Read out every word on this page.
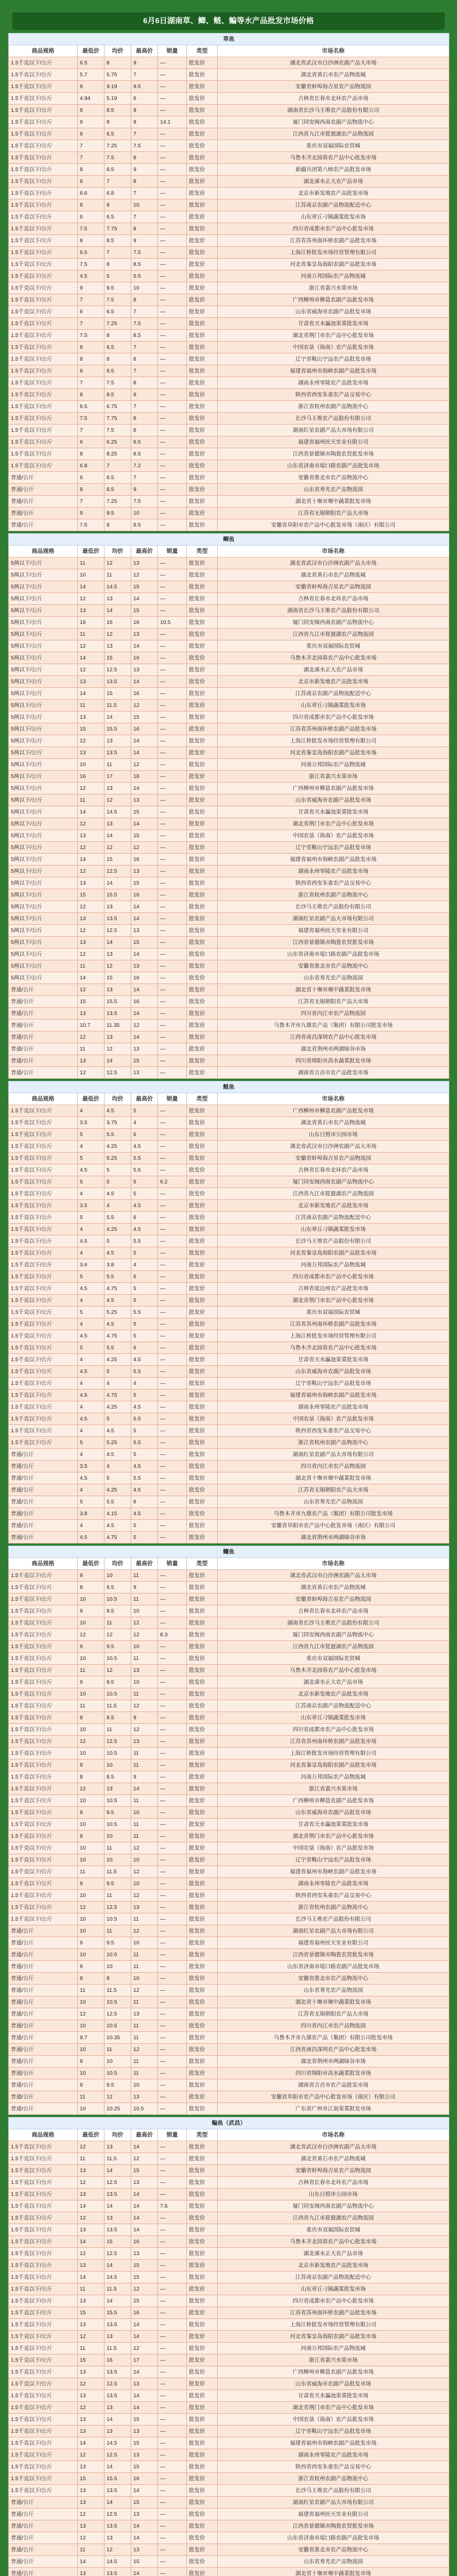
6月6日湖南草、鲫、鲢、鳊等水产品批发市场价格
草鱼						
商品规格	最低价	均价	最高价	销量	类型	市场名称
1.5千克以下/公斤	6.5	8	9	—	批发价	湖北省武汉市白沙洲农副产品大市场
1.5千克以下/公斤	5.7	5.75	7	—	批发价	湖北省黄石市农产品物流城
1.5千克以下/公斤	9	9.19	9.5	—	批发价	安徽省蚌埠海吉星农产品物流园
1.5千克以下/公斤	4.94	5.19	6	—	批发价	吉林省长春市北环农产品市场
1.5千克以下/公斤	8	8.5	9	—	批发价	湖南省长沙马王堆农产品股份有限公司
1.5千克以下/公斤	9	9	9	14.1	批发价	厦门同安闽西南农副产品物流中心
1.5千克以下/公斤	6	6.5	7	—	批发价	江西省九江市琵琶湖农产品物流园
1.5千克以下/公斤	7	7.25	7.5	—	批发价	重庆市双福国际农贸城
1.5千克以下/公斤	7	7.5	8	—	批发价	乌鲁木齐北园春农产品中心批发市场
1.5千克以下/公斤	8	8.5	9	—	批发价	新疆兵团第六师农产品批发市场
1.5千克以下/公斤	6	7	8	—	批发价	湖北浠水正大农产品市场
1.5千克以下/公斤	6.6	6.8	7	—	批发价	北京市新发地农产品批发市场
1.5千克以下/公斤	8	9	10	—	批发价	江苏南京农副产品物流配送中心
1.5千克以下/公斤	6	6.5	7	—	批发价	山东章丘刁镇蔬菜批发市场
1.5千克以下/公斤	7.5	7.75	8	—	批发价	四川省成都市农产品中心批发市场
1.5千克以下/公斤	8	8.5	9	—	批发价	江苏省苏州南环桥农副产品批发市场
1.5千克以下/公斤	6.5	7	7.5	—	批发价	上海江桥批发市场经营管理有限公司
1.5千克以下/公斤	7.5	8	8.5	—	批发价	河北省秦皇岛海阳农副产品批发市场
1.5千克以下/公斤	4.5	5	5.5	—	批发价	河南万邦国际农产品物流城
1.5千克以下/公斤	9	9.5	10	—	批发价	浙江省嘉兴水果市场
1.5千克以下/公斤	7	7.5	8	—	批发价	广西柳州市柳邕农副产品批发市场
1.5千克以下/公斤	6	6.5	7	—	批发价	山东省威海市农副产品批发市场
1.5千克以下/公斤	7	7.25	7.5	—	批发价	甘肃省天水瀛池果菜批发市场
1.5千克以下/公斤	7.5	8	8.5	—	批发价	湖北省荆门市农产品中心批发市场
1.5千克以下/公斤	6	6.5	7	—	批发价	中国农垦（海南）农产品批发市场
1.5千克以下/公斤	8	8	8	—	批发价	辽宁省鞍山宁远农产品批发市场
1.5千克以下/公斤	6	6.5	7	—	批发价	福建省福州市海峡农副产品批发市场
1.5千克以下/公斤	7	7.5	8	—	批发价	湖南永州零陵农产品批发市场
1.5千克以下/公斤	8	8.5	9	—	批发价	陕西省西安朱雀农产品交易中心
1.5千克以下/公斤	6.5	6.75	7	—	批发价	浙江省杭州农副产品物流中心
1.5千克以下/公斤	7.5	7.75	8	—	批发价	长沙马王堆农产品股份有限公司
1.5千克以下/公斤	7	7.5	8	—	批发价	湖南红星农副产品大市场有限公司
1.5千克以下/公斤	6	6.25	6.5	—	批发价	福建省福州民天实业有限公司
1.5千克以下/公斤	8	8.25	8.5	—	批发价	江西省景德镇市陶瓷农贸批发市场
1.5千克以下/公斤	6.8	7	7.2	—	批发价	山东省济南市堤口路农副产品批发市场
普通/公斤	6	6.5	7	—	批发价	安徽省淮北市农产品物流中心
普通/公斤	8	8.5	9	—	批发价	山东省寿光农产品物流园
普通/公斤	7	7.25	7.5	—	批发价	湖北省十堰市堰中蔬菜批发市场
普通/公斤	9	9.5	10	—	批发价	江苏省无锡朝阳农产品大市场
普通/公斤	7.5	8	8.5	—	批发价	安徽省阜阳市农产品中心批发市场（南区）有限公司

鲫鱼						
商品规格	最低价	均价	最高价	销量	类型	市场名称
5两以下/公斤	11	12	13	—	批发价	湖北省武汉市白沙洲农副产品大市场
5两以下/公斤	10	11	12	—	批发价	湖北省黄石市农产品物流城
5两以下/公斤	14	14.5	15	—	批发价	安徽省蚌埠海吉星农产品物流园
5两以下/公斤	12	13	14	—	批发价	吉林省长春市北环农产品市场
5两以下/公斤	13	14	15	—	批发价	湖南省长沙马王堆农产品股份有限公司
5两以下/公斤	16	16	16	10.5	批发价	厦门同安闽西南农副产品物流中心
5两以下/公斤	11	12	13	—	批发价	江西省九江市琵琶湖农产品物流园
5两以下/公斤	12	13	14	—	批发价	重庆市双福国际农贸城
5两以下/公斤	14	15	16	—	批发价	乌鲁木齐北园春农产品中心批发市场
5两以下/公斤	12	12.5	13	—	批发价	湖北浠水正大农产品市场
5两以下/公斤	13	13.5	14	—	批发价	北京市新发地农产品批发市场
5两以下/公斤	14	15	16	—	批发价	江苏南京农副产品物流配送中心
5两以下/公斤	11	11.5	12	—	批发价	山东章丘刁镇蔬菜批发市场
5两以下/公斤	13	14	15	—	批发价	四川省成都市农产品中心批发市场
5两以下/公斤	15	15.5	16	—	批发价	江苏省苏州南环桥农副产品批发市场
5两以下/公斤	12	13	14	—	批发价	上海江桥批发市场经营管理有限公司
5两以下/公斤	13	13.5	14	—	批发价	河北省秦皇岛海阳农副产品批发市场
5两以下/公斤	10	11	12	—	批发价	河南万邦国际农产品物流城
5两以下/公斤	16	17	18	—	批发价	浙江省嘉兴水果市场
5两以下/公斤	12	13	14	—	批发价	广西柳州市柳邕农副产品批发市场
5两以下/公斤	11	12	13	—	批发价	山东省威海市农副产品批发市场
5两以下/公斤	14	14.5	15	—	批发价	甘肃省天水瀛池果菜批发市场
5两以下/公斤	12	13	14	—	批发价	湖北省荆门市农产品中心批发市场
5两以下/公斤	13	14	15	—	批发价	中国农垦（海南）农产品批发市场
5两以下/公斤	12	12	12	—	批发价	辽宁省鞍山宁远农产品批发市场
5两以下/公斤	14	15	16	—	批发价	福建省福州市海峡农副产品批发市场
5两以下/公斤	12	12.5	13	—	批发价	湖南永州零陵农产品批发市场
5两以下/公斤	13	14	15	—	批发价	陕西省西安朱雀农产品交易中心
5两以下/公斤	15	15.5	16	—	批发价	浙江省杭州农副产品物流中心
5两以下/公斤	12	13	14	—	批发价	长沙马王堆农产品股份有限公司
5两以下/公斤	13	13.5	14	—	批发价	湖南红星农副产品大市场有限公司
5两以下/公斤	12	12.5	13	—	批发价	福建省福州民天实业有限公司
5两以下/公斤	13	14	15	—	批发价	江西省景德镇市陶瓷农贸批发市场
5两以下/公斤	12	13	14	—	批发价	山东省济南市堤口路农副产品批发市场
5两以下/公斤	11	12	13	—	批发价	安徽省淮北市农产品物流中心
5两以下/公斤	14	15	16	—	批发价	山东省寿光农产品物流园
普通/公斤	12	13	14	—	批发价	湖北省十堰市堰中蔬菜批发市场
普通/公斤	15	15.5	16	—	批发价	江苏省无锡朝阳农产品大市场
普通/公斤	13	13.5	14	—	批发价	四川省内江市农产品物流园
普通/公斤	10.7	11.35	12	—	批发价	乌鲁木齐市九鼎农产品（集团）有限公司批发市场
普通/公斤	12	13	14	—	批发价	江西省南昌深圳农产品中心批发市场
普通/公斤	11	12	13	—	批发价	湖北省荆州市两湖绿谷市场
普通/公斤	13	14	15	—	批发价	四川省绵阳市高水蔬菜批发市场
普通/公斤	12	12.5	13	—	批发价	湖南省吉首市农产品批发市场

鲢鱼						
商品规格	最低价	均价	最高价	销量	类型	市场名称
1.5千克以下/公斤	4	4.5	5	—	批发价	广西柳州市柳邕农副产品批发市场
1.5千克以下/公斤	3.5	3.75	4	—	批发价	湖北省黄石市农产品物流城
1.5千克以下/公斤	5	5.5	6	—	批发价	山东日照市公园市场
1.5千克以下/公斤	4	4.25	4.5	—	批发价	湖北省武汉市白沙洲农副产品大市场
1.5千克以下/公斤	5	5.25	5.5	—	批发价	安徽省蚌埠海吉星农产品物流园
1.5千克以下/公斤	4.5	5	5.5	—	批发价	吉林省长春市北环农产品市场
1.5千克以下/公斤	5	5	5	6.2	批发价	厦门同安闽西南农副产品物流中心
1.5千克以下/公斤	4	4.5	5	—	批发价	江西省九江市琵琶湖农产品物流园
1.5千克以下/公斤	3.5	4	4.5	—	批发价	北京市新发地农产品批发市场
1.5千克以下/公斤	5	5.5	6	—	批发价	江苏南京农副产品物流配送中心
1.5千克以下/公斤	4	4.25	4.5	—	批发价	山东章丘刁镇蔬菜批发市场
1.5千克以下/公斤	4.5	5	5.5	—	批发价	长沙马王堆农产品股份有限公司
1.5千克以下/公斤	4	4.5	5	—	批发价	河北省秦皇岛海阳农副产品批发市场
1.5千克以下/公斤	3.6	3.8	4	—	批发价	河南万邦国际农产品物流城
1.5千克以下/公斤	5	5.5	6	—	批发价	四川省成都市农产品中心批发市场
1.5千克以下/公斤	4.5	4.75	5	—	批发价	吉林省延边州农产品批发市场
1.5千克以下/公斤	4	4.5	5	—	批发价	湖北省荆门市农产品中心批发市场
1.5千克以下/公斤	5	5.25	5.5	—	批发价	重庆市双福国际农贸城
1.5千克以下/公斤	4	4.5	5	—	批发价	江苏省苏州南环桥农副产品批发市场
1.5千克以下/公斤	4.5	4.75	5	—	批发价	上海江桥批发市场经营管理有限公司
1.5千克以下/公斤	5	5.5	6	—	批发价	乌鲁木齐北园春农产品中心批发市场
1.5千克以下/公斤	4	4.25	4.5	—	批发价	甘肃省天水瀛池果菜批发市场
1.5千克以下/公斤	4.5	5	5.5	—	批发价	山东省威海市农副产品批发市场
1.5千克以下/公斤	4	4	4	—	批发价	辽宁省鞍山宁远农产品批发市场
1.5千克以下/公斤	4.5	4.75	5	—	批发价	福建省福州市海峡农副产品批发市场
1.5千克以下/公斤	4	4.25	4.5	—	批发价	湖南永州零陵农产品批发市场
1.5千克以下/公斤	4.5	5	5.5	—	批发价	中国农垦（海南）农产品批发市场
1.5千克以下/公斤	4	4.5	5	—	批发价	陕西省西安朱雀农产品交易中心
1.5千克以下/公斤	5	5.25	5.5	—	批发价	浙江省杭州农副产品物流中心
普通/公斤	4	4.5	5	—	批发价	湖南红星农副产品大市场有限公司
普通/公斤	3.5	4	4.5	—	批发价	四川省内江市农产品物流园
普通/公斤	4.5	5	5.5	—	批发价	湖北省十堰市堰中蔬菜批发市场
普通/公斤	4	4.25	4.5	—	批发价	江苏省无锡朝阳农产品大市场
普通/公斤	5	5.5	6	—	批发价	山东省寿光农产品物流园
普通/公斤	3.8	4.15	4.5	—	批发价	乌鲁木齐市九鼎农产品（集团）有限公司批发市场
普通/公斤	4	4.5	5	—	批发价	安徽省阜阳市农产品中心批发市场（南区）有限公司
普通/公斤	4.5	4.75	5	—	批发价	湖北省荆州市两湖绿谷市场

鳙鱼						
商品规格	最低价	均价	最高价	销量	类型	市场名称
1.5千克以下/公斤	9	10	11	—	批发价	湖北省武汉市白沙洲农副产品大市场
1.5千克以下/公斤	8	8.5	9	—	批发价	湖北省黄石市农产品物流城
1.5千克以下/公斤	10	10.5	11	—	批发价	安徽省蚌埠海吉星农产品物流园
1.5千克以下/公斤	9	9.5	10	—	批发价	吉林省长春市北环农产品市场
1.5千克以下/公斤	10	11	12	—	批发价	湖南省长沙马王堆农产品股份有限公司
1.5千克以下/公斤	12	12	12	8.3	批发价	厦门同安闽西南农副产品物流中心
1.5千克以下/公斤	9	9.5	10	—	批发价	江西省九江市琵琶湖农产品物流园
1.5千克以下/公斤	10	10.5	11	—	批发价	重庆市双福国际农贸城
1.5千克以下/公斤	11	12	13	—	批发价	乌鲁木齐北园春农产品中心批发市场
1.5千克以下/公斤	9	9.5	10	—	批发价	湖北浠水正大农产品市场
1.5千克以下/公斤	10	10.5	11	—	批发价	北京市新发地农产品批发市场
1.5千克以下/公斤	11	11.5	12	—	批发价	江苏南京农副产品物流配送中心
1.5千克以下/公斤	8	8.5	9	—	批发价	山东章丘刁镇蔬菜批发市场
1.5千克以下/公斤	10	11	12	—	批发价	四川省成都市农产品中心批发市场
1.5千克以下/公斤	12	12.5	13	—	批发价	江苏省苏州南环桥农副产品批发市场
1.5千克以下/公斤	10	10.5	11	—	批发价	上海江桥批发市场经营管理有限公司
1.5千克以下/公斤	9	10	11	—	批发价	河北省秦皇岛海阳农副产品批发市场
1.5千克以下/公斤	8	8.5	9	—	批发价	河南万邦国际农产品物流城
1.5千克以下/公斤	12	13	14	—	批发价	浙江省嘉兴水果市场
1.5千克以下/公斤	10	10.5	11	—	批发价	广西柳州市柳邕农副产品批发市场
1.5千克以下/公斤	9	9.5	10	—	批发价	山东省威海市农副产品批发市场
1.5千克以下/公斤	10	10.5	11	—	批发价	甘肃省天水瀛池果菜批发市场
1.5千克以下/公斤	9	10	11	—	批发价	湖北省荆门市农产品中心批发市场
1.5千克以下/公斤	10	11	12	—	批发价	中国农垦（海南）农产品批发市场
1.5千克以下/公斤	10	10	10	—	批发价	辽宁省鞍山宁远农产品批发市场
1.5千克以下/公斤	11	11.5	12	—	批发价	福建省福州市海峡农副产品批发市场
1.5千克以下/公斤	9	9.5	10	—	批发价	湖南永州零陵农产品批发市场
1.5千克以下/公斤	10	11	12	—	批发价	陕西省西安朱雀农产品交易中心
1.5千克以下/公斤	12	12.5	13	—	批发价	浙江省杭州农副产品物流中心
1.5千克以下/公斤	10	10.5	11	—	批发价	长沙马王堆农产品股份有限公司
普通/公斤	10	11	12	—	批发价	湖南红星农副产品大市场有限公司
普通/公斤	9	9.5	10	—	批发价	福建省福州民天实业有限公司
普通/公斤	10	10.5	11	—	批发价	江西省景德镇市陶瓷农贸批发市场
普通/公斤	9	10	11	—	批发价	山东省济南市堤口路农副产品批发市场
普通/公斤	8	9	10	—	批发价	安徽省淮北市农产品物流中心
普通/公斤	11	11.5	12	—	批发价	山东省寿光农产品物流园
普通/公斤	10	10.5	11	—	批发价	湖北省十堰市堰中蔬菜批发市场
普通/公斤	12	12.5	13	—	批发价	江苏省无锡朝阳农产品大市场
普通/公斤	10	10.5	11	—	批发价	四川省内江市农产品物流园
普通/公斤	9.7	10.35	11	—	批发价	乌鲁木齐市九鼎农产品（集团）有限公司批发市场
普通/公斤	10	11	12	—	批发价	江西省南昌深圳农产品中心批发市场
普通/公斤	9	10	11	—	批发价	湖北省荆州市两湖绿谷市场
普通/公斤	10	10.5	11	—	批发价	四川省绵阳市高水蔬菜批发市场
普通/公斤	9	9.5	10	—	批发价	湖南省吉首市农产品批发市场
普通/公斤	11	12	13	—	批发价	安徽省阜阳市农产品中心批发市场（南区）有限公司
普通/公斤	10	10.25	10.5	—	批发价	广东省广州市江南果菜批发市场

鳊鱼（武昌）						
商品规格	最低价	均价	最高价	销量	类型	市场名称
1.5千克以下/公斤	12	13	14	—	批发价	湖北省武汉市白沙洲农副产品大市场
1.5千克以下/公斤	11	11.5	12	—	批发价	湖北省黄石市农产品物流城
1.5千克以下/公斤	13	14	15	—	批发价	安徽省蚌埠海吉星农产品物流园
1.5千克以下/公斤	12	12.5	13	—	批发价	吉林省长春市北环农产品市场
1.5千克以下/公斤	13	13.5	14	—	批发价	山东日照市公园市场
1.5千克以下/公斤	14	14	14	7.6	批发价	厦门同安闽西南农副产品物流中心
1.5千克以下/公斤	12	13	14	—	批发价	江西省九江市琵琶湖农产品物流园
1.5千克以下/公斤	13	13.5	14	—	批发价	重庆市双福国际农贸城
1.5千克以下/公斤	14	15	16	—	批发价	乌鲁木齐北园春农产品中心批发市场
1.5千克以下/公斤	12	12.5	13	—	批发价	湖北浠水正大农产品市场
1.5千克以下/公斤	13	14	15	—	批发价	北京市新发地农产品批发市场
1.5千克以下/公斤	14	14.5	15	—	批发价	江苏南京农副产品物流配送中心
1.5千克以下/公斤	11	11.5	12	—	批发价	山东章丘刁镇蔬菜批发市场
1.5千克以下/公斤	13	14	15	—	批发价	四川省成都市农产品中心批发市场
1.5千克以下/公斤	15	15.5	16	—	批发价	江苏省苏州南环桥农副产品批发市场
1.5千克以下/公斤	13	13.5	14	—	批发价	上海江桥批发市场经营管理有限公司
1.5千克以下/公斤	12	13	14	—	批发价	河北省秦皇岛海阳农副产品批发市场
1.5千克以下/公斤	11	11.5	12	—	批发价	河南万邦国际农产品物流城
1.5千克以下/公斤	15	16	17	—	批发价	浙江省嘉兴水果市场
1.5千克以下/公斤	13	13.5	14	—	批发价	广西柳州市柳邕农副产品批发市场
1.5千克以下/公斤	12	12.5	13	—	批发价	山东省威海市农副产品批发市场
1.5千克以下/公斤	13	13.5	14	—	批发价	甘肃省天水瀛池果菜批发市场
1.5千克以下/公斤	12	13	14	—	批发价	湖北省荆门市农产品中心批发市场
1.5千克以下/公斤	13	14	15	—	批发价	中国农垦（海南）农产品批发市场
1.5千克以下/公斤	13	13	13	—	批发价	辽宁省鞍山宁远农产品批发市场
1.5千克以下/公斤	14	14.5	15	—	批发价	福建省福州市海峡农副产品批发市场
1.5千克以下/公斤	12	12.5	13	—	批发价	湖南永州零陵农产品批发市场
1.5千克以下/公斤	13	14	15	—	批发价	陕西省西安朱雀农产品交易中心
1.5千克以下/公斤	15	15.5	16	—	批发价	浙江省杭州农副产品物流中心
1.5千克以下/公斤	13	13.5	14	—	批发价	长沙马王堆农产品股份有限公司
普通/公斤	13	14	15	—	批发价	湖南红星农副产品大市场有限公司
普通/公斤	12	12.5	13	—	批发价	福建省福州民天实业有限公司
普通/公斤	13	13.5	14	—	批发价	江西省景德镇市陶瓷农贸批发市场
普通/公斤	12	13	14	—	批发价	山东省济南市堤口路农副产品批发市场
普通/公斤	11	12	13	—	批发价	安徽省淮北市农产品物流中心
普通/公斤	14	14.5	15	—	批发价	山东省寿光农产品物流园
普通/公斤	13	13.5	14	—	批发价	湖北省十堰市堰中蔬菜批发市场
